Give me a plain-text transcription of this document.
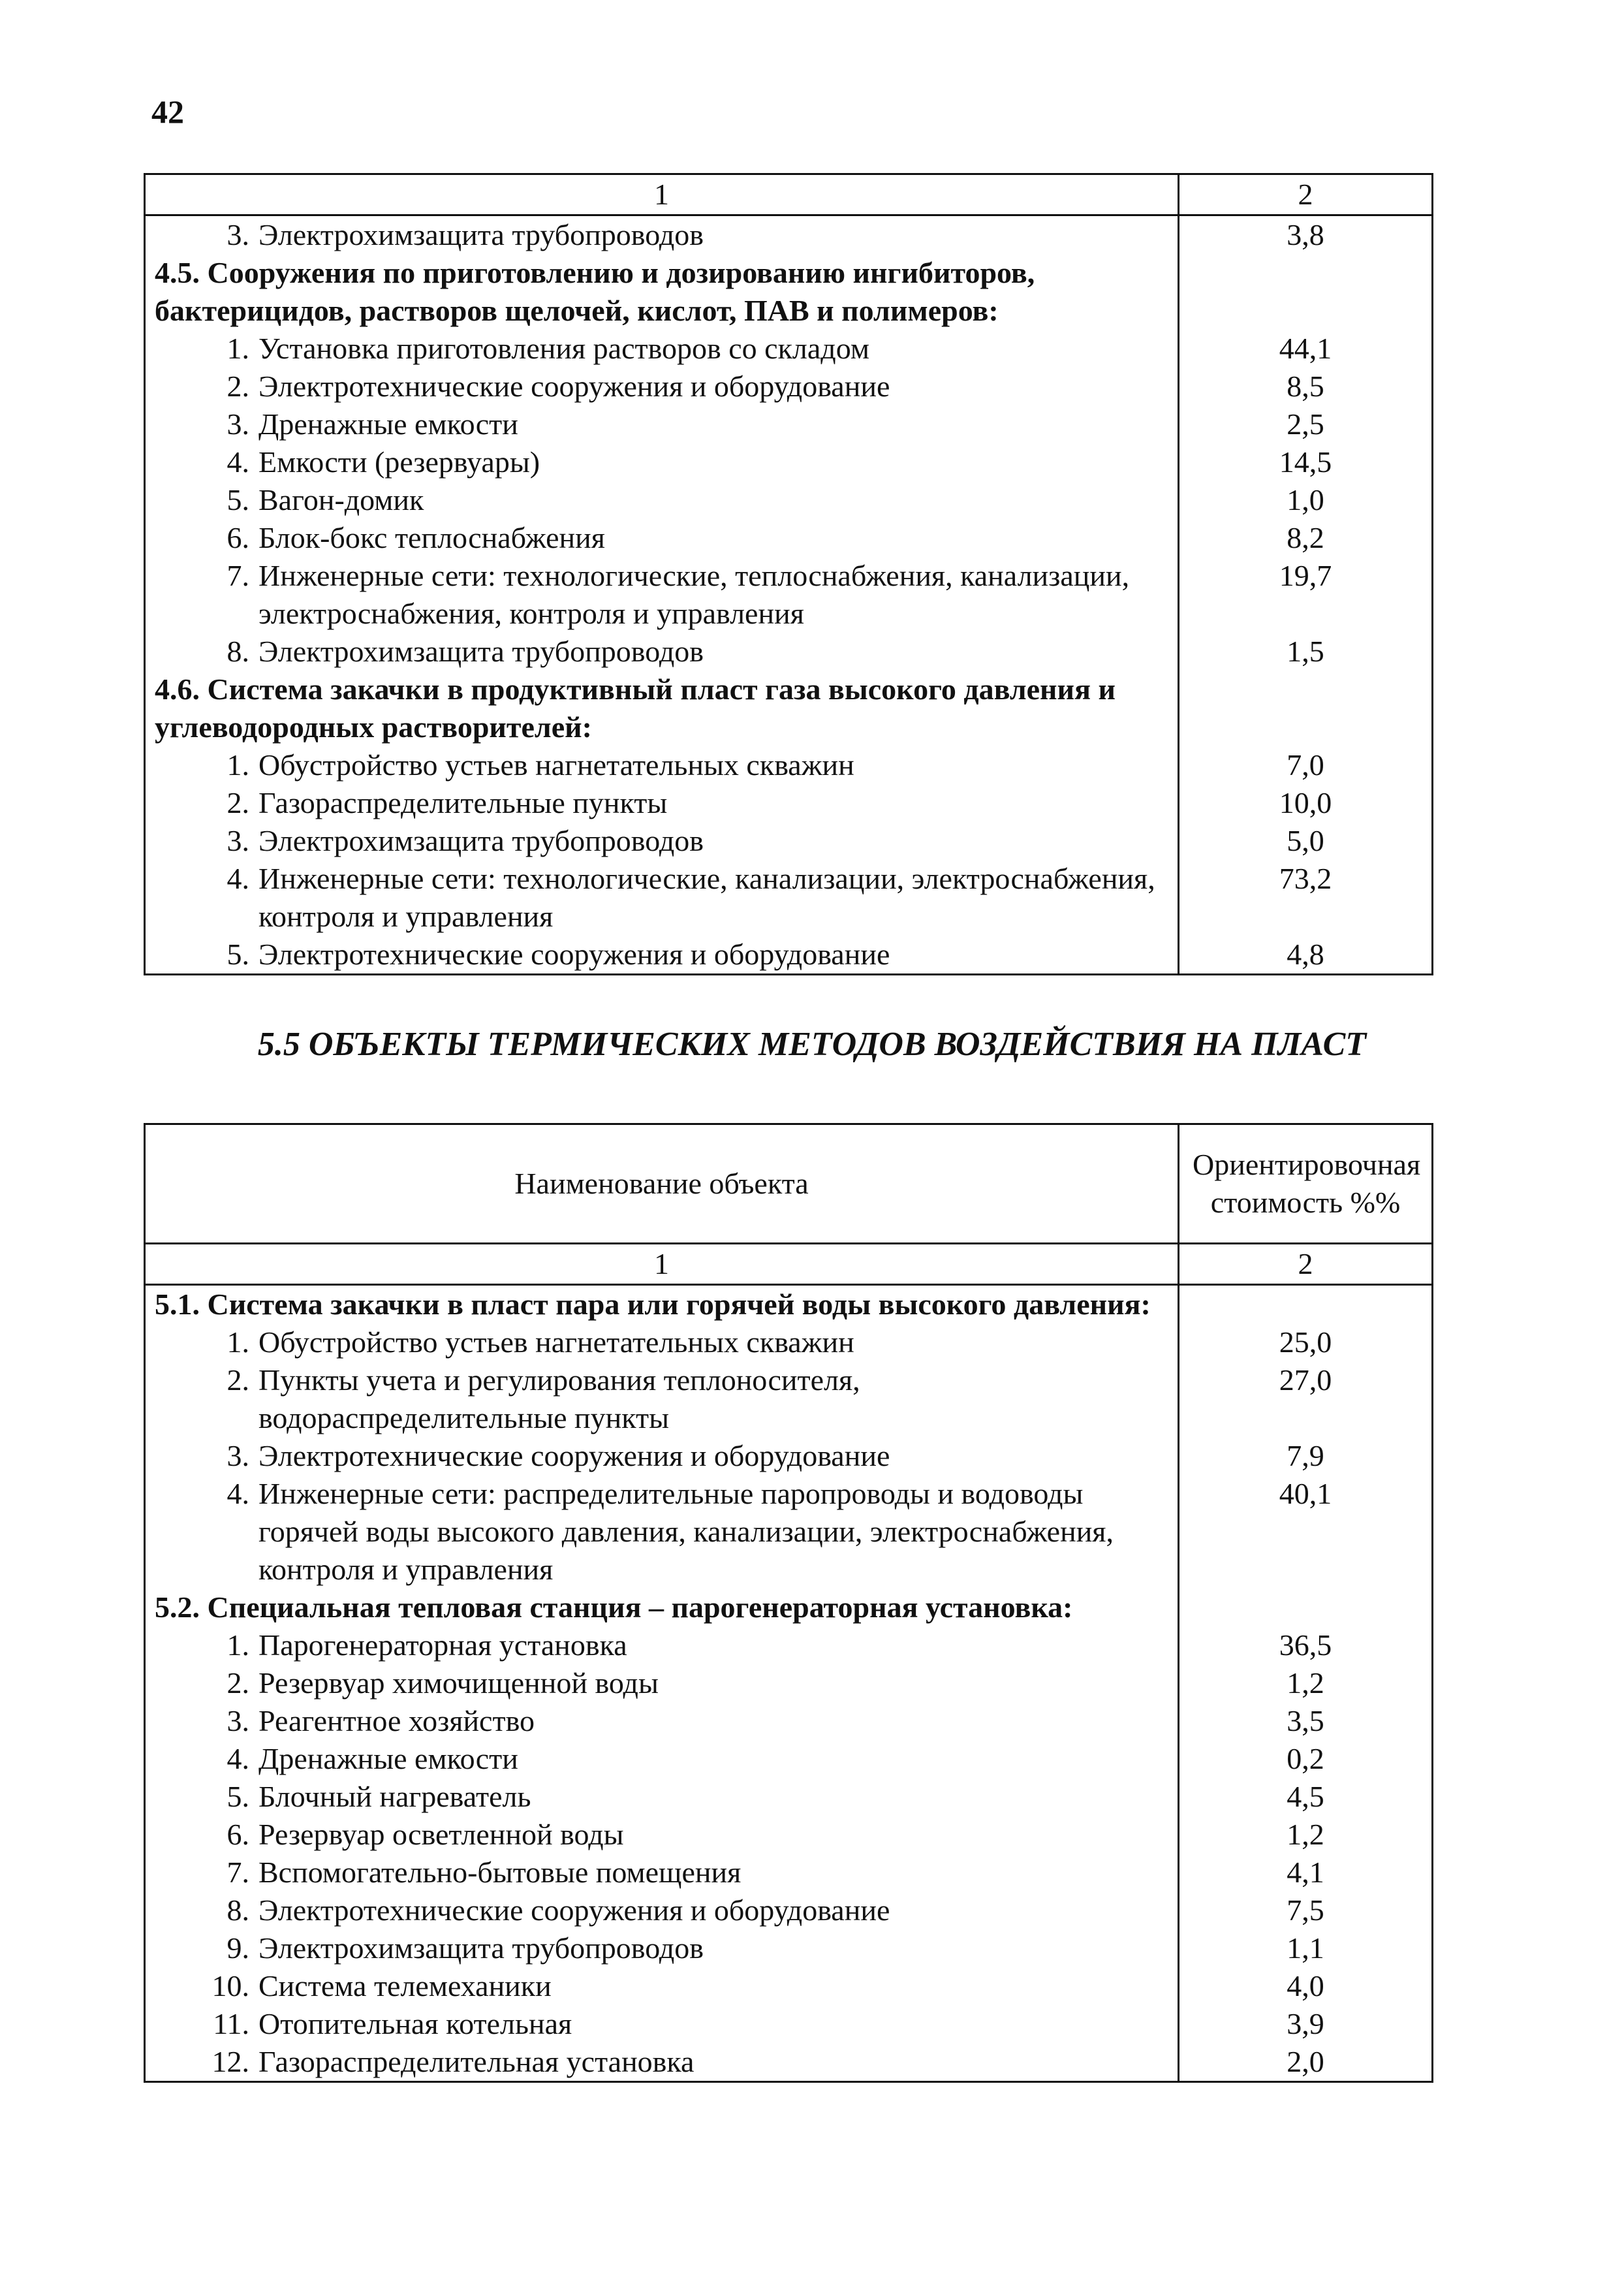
42
1	2

3. Электрохимзащита трубопроводов	3,8
4.5. Сооружения по приготовлению и дозированию ингибиторов, бактерицидов, растворов щелочей, кислот, ПАВ и полимеров:	

1. Установка приготовления растворов со складом	44,1

2. Электротехнические сооружения и оборудование	8,5

3. Дренажные емкости	2,5

4. Емкости (резервуары)	14,5

5. Вагон-домик	1,0

6. Блок-бокс теплоснабжения	8,2

7. Инженерные сети: технологические, теплоснабжения, канализации, электроснабжения, контроля и управления	19,7

8. Электрохимзащита трубопроводов	1,5
4.6. Система закачки в продуктивный пласт газа высокого давления и углеводородных растворителей:	

1. Обустройство устьев нагнетательных скважин	7,0

2. Газораспределительные пункты	10,0

3. Электрохимзащита трубопроводов	5,0

4. Инженерные сети: технологические, канализации, электроснабжения, контроля и управления	73,2

5. Электротехнические сооружения и оборудование	4,8
5.5 ОБЪЕКТЫ ТЕРМИЧЕСКИХ МЕТОДОВ ВОЗДЕЙСТВИЯ НА ПЛАСТ
Наименование объекта	Ориентировочная стоимость %%
1	2
5.1. Система закачки в пласт пара или горячей воды высокого давления:	

1. Обустройство устьев нагнетательных скважин	25,0

2. Пункты учета и регулирования теплоносителя, водораспределительные пункты	27,0

3. Электротехнические сооружения и оборудование	7,9

4. Инженерные сети: распределительные паропроводы и водоводы горячей воды высокого давления, канализации, электроснабжения, контроля и управления	40,1
5.2. Специальная тепловая станция – парогенераторная установка:	

1. Парогенераторная установка	36,5

2. Резервуар химочищенной воды	1,2

3. Реагентное хозяйство	3,5

4. Дренажные емкости	0,2

5. Блочный нагреватель	4,5

6. Резервуар осветленной воды	1,2

7. Вспомогательно-бытовые помещения	4,1

8. Электротехнические сооружения и оборудование	7,5

9. Электрохимзащита трубопроводов	1,1

10. Система телемеханики	4,0

11. Отопительная котельная	3,9

12. Газораспределительная установка	2,0
